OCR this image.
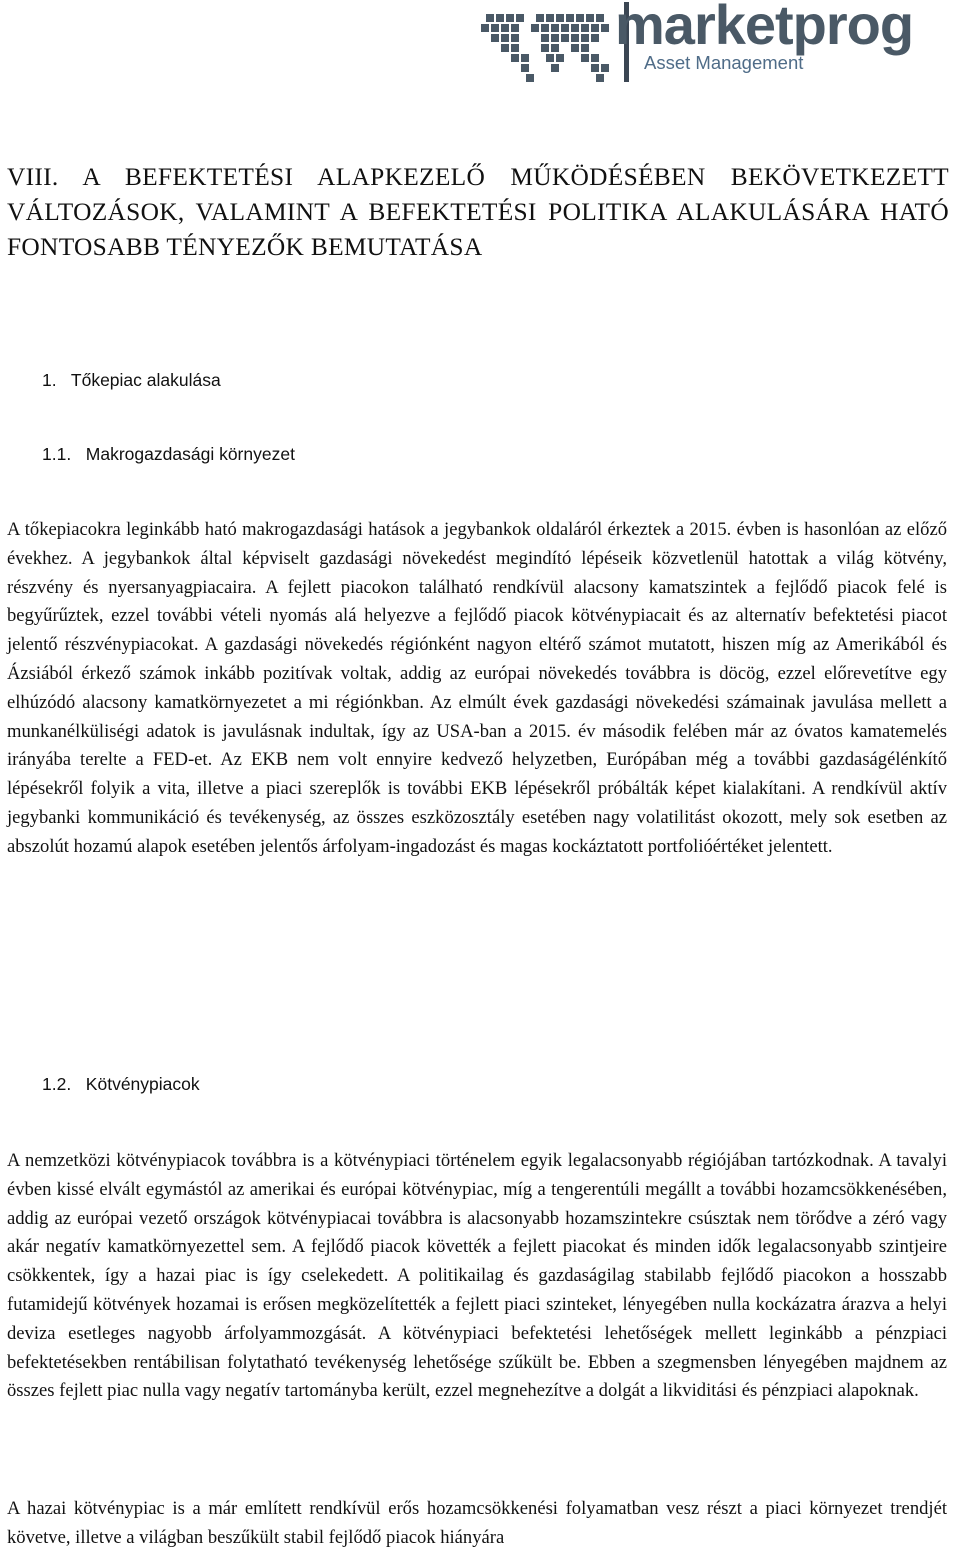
marketprog
Asset Management

VIII. A BEFEKTETÉSI ALAPKEZELŐ MŰKÖDÉSÉBEN BEKÖVETKEZETT VÁLTOZÁSOK, VALAMINT A BEFEKTETÉSI POLITIKA ALAKULÁSÁRA HATÓ FONTOSABB TÉNYEZŐK BEMUTATÁSA

1. Tőkepiac alakulása
1.1. Makrogazdasági környezet

A tőkepiacokra leginkább ható makrogazdasági hatások a jegybankok oldaláról érkeztek a 2015. évben is hasonlóan az előző évekhez. A jegybankok által képviselt gazdasági növekedést megindító lépéseik közvetlenül hatottak a világ kötvény, részvény és nyersanyagpiacaira. A fejlett piacokon található rendkívül alacsony kamatszintek a fejlődő piacok felé is begyűrűztek, ezzel további vételi nyomás alá helyezve a fejlődő piacok kötvénypiacait és az alternatív befektetési piacot jelentő részvénypiacokat. A gazdasági növekedés régiónként nagyon eltérő számot mutatott, hiszen míg az Amerikából és Ázsiából érkező számok inkább pozitívak voltak, addig az európai növekedés továbbra is döcög, ezzel előrevetítve egy elhúzódó alacsony kamatkörnyezetet a mi régiónkban. Az elmúlt évek gazdasági növekedési számainak javulása mellett a munkanélküliségi adatok is javulásnak indultak, így az USA-ban a 2015. év második felében már az óvatos kamatemelés irányába terelte a FED-et. Az EKB nem volt ennyire kedvező helyzetben, Európában még a további gazdaságélénkítő lépésekről folyik a vita, illetve a piaci szereplők is további EKB lépésekről próbálták képet kialakítani. A rendkívül aktív jegybanki kommunikáció és tevékenység, az összes eszközosztály esetében nagy volatilitást okozott, mely sok esetben az abszolút hozamú alapok esetében jelentős árfolyam-ingadozást és magas kockáztatott portfolióértéket jelentett.

1.2. Kötvénypiacok

A nemzetközi kötvénypiacok továbbra is a kötvénypiaci történelem egyik legalacsonyabb régiójában tartózkodnak. A tavalyi évben kissé elvált egymástól az amerikai és európai kötvénypiac, míg a tengerentúli megállt a további hozamcsökkenésében, addig az európai vezető országok kötvénypiacai továbbra is alacsonyabb hozamszintekre csúsztak nem törődve a zéró vagy akár negatív kamatkörnyezettel sem. A fejlődő piacok követték a fejlett piacokat és minden idők legalacsonyabb szintjeire csökkentek, így a hazai piac is így cselekedett. A politikailag és gazdaságilag stabilabb fejlődő piacokon a hosszabb futamidejű kötvények hozamai is erősen megközelítették a fejlett piaci szinteket, lényegében nulla kockázatra árazva a helyi deviza esetleges nagyobb árfolyammozgását. A kötvénypiaci befektetési lehetőségek mellett leginkább a pénzpiaci befektetésekben rentábilisan folytatható tevékenység lehetősége szűkült be. Ebben a szegmensben lényegében majdnem az összes fejlett piac nulla vagy negatív tartományba került, ezzel megnehezítve a dolgát a likviditási és pénzpiaci alapoknak.

A hazai kötvénypiac is a már említett rendkívül erős hozamcsökkenési folyamatban vesz részt a piaci környezet trendjét követve, illetve a világban beszűkült stabil fejlődő piacok hiányára
